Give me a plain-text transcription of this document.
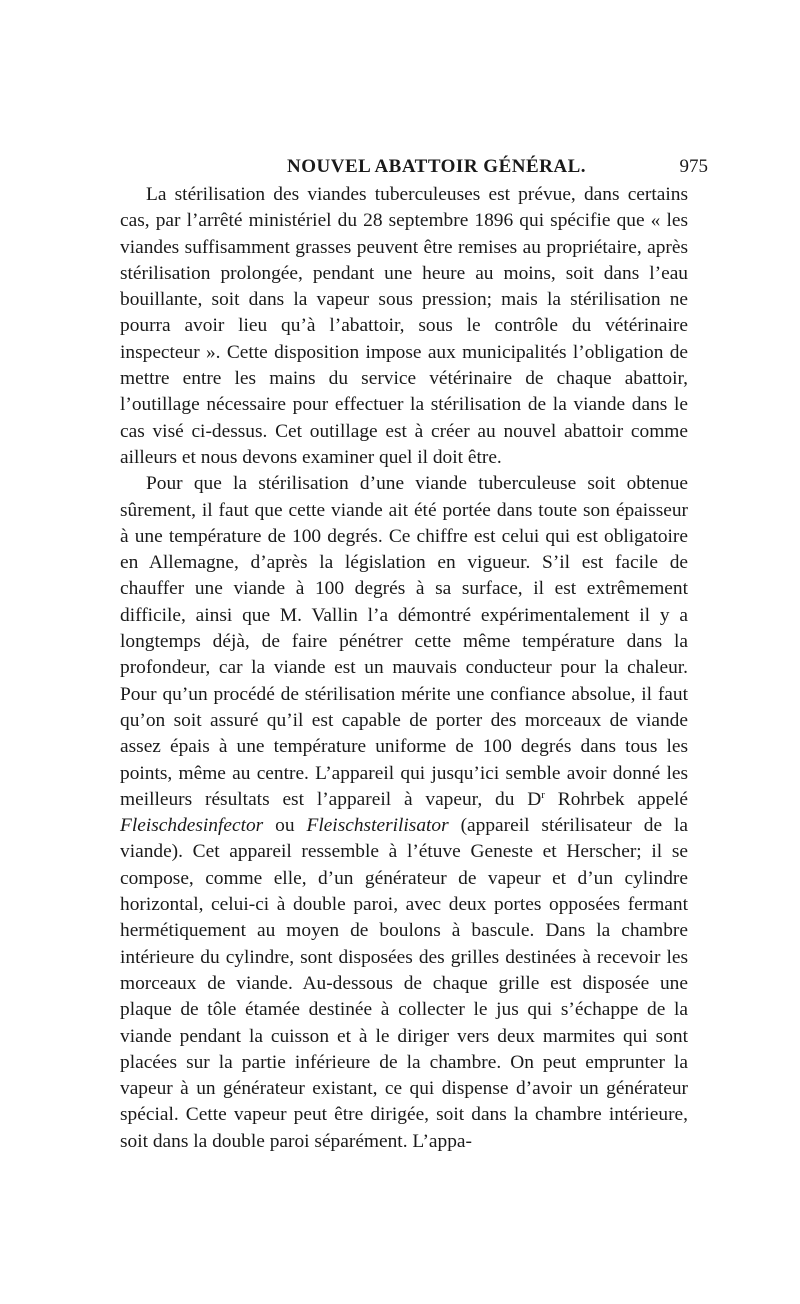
NOUVEL ABATTOIR GÉNÉRAL.	975

La stérilisation des viandes tuberculeuses est prévue, dans certains cas, par l’arrêté ministériel du 28 septembre 1896 qui spécifie que « les viandes suffisamment grasses peuvent être remises au propriétaire, après stérilisation prolongée, pendant une heure au moins, soit dans l’eau bouillante, soit dans la vapeur sous pression; mais la stérilisation ne pourra avoir lieu qu’à l’abattoir, sous le contrôle du vétérinaire inspecteur ». Cette disposition impose aux municipalités l’obligation de mettre entre les mains du service vétérinaire de chaque abattoir, l’outillage nécessaire pour effectuer la stérilisation de la viande dans le cas visé ci-dessus. Cet outillage est à créer au nouvel abattoir comme ailleurs et nous devons examiner quel il doit être.

Pour que la stérilisation d’une viande tuberculeuse soit obtenue sûrement, il faut que cette viande ait été portée dans toute son épaisseur à une température de 100 degrés. Ce chiffre est celui qui est obligatoire en Allemagne, d’après la législation en vigueur. S’il est facile de chauffer une viande à 100 degrés à sa surface, il est extrêmement difficile, ainsi que M. Vallin l’a démontré expérimentalement il y a longtemps déjà, de faire pénétrer cette même température dans la profondeur, car la viande est un mauvais conducteur pour la chaleur. Pour qu’un procédé de stérilisation mérite une confiance absolue, il faut qu’on soit assuré qu’il est capable de porter des morceaux de viande assez épais à une température uniforme de 100 degrés dans tous les points, même au centre. L’appareil qui jusqu’ici semble avoir donné les meilleurs résultats est l’appareil à vapeur, du $D^r$ Rohrbek appelé Fleischdesinfector ou Fleischsterilisator (appareil stérilisateur de la viande). Cet appareil ressemble à l’étuve Geneste et Herscher; il se compose, comme elle, d’un générateur de vapeur et d’un cylindre horizontal, celui-ci à double paroi, avec deux portes opposées fermant hermétiquement au moyen de boulons à bascule. Dans la chambre intérieure du cylindre, sont disposées des grilles destinées à recevoir les morceaux de viande. Au-dessous de chaque grille est disposée une plaque de tôle étamée destinée à collecter le jus qui s’échappe de la viande pendant la cuisson et à le diriger vers deux marmites qui sont placées sur la partie inférieure de la chambre. On peut emprunter la vapeur à un générateur existant, ce qui dispense d’avoir un générateur spécial. Cette vapeur peut être dirigée, soit dans la chambre intérieure, soit dans la double paroi séparément. L’appa-
